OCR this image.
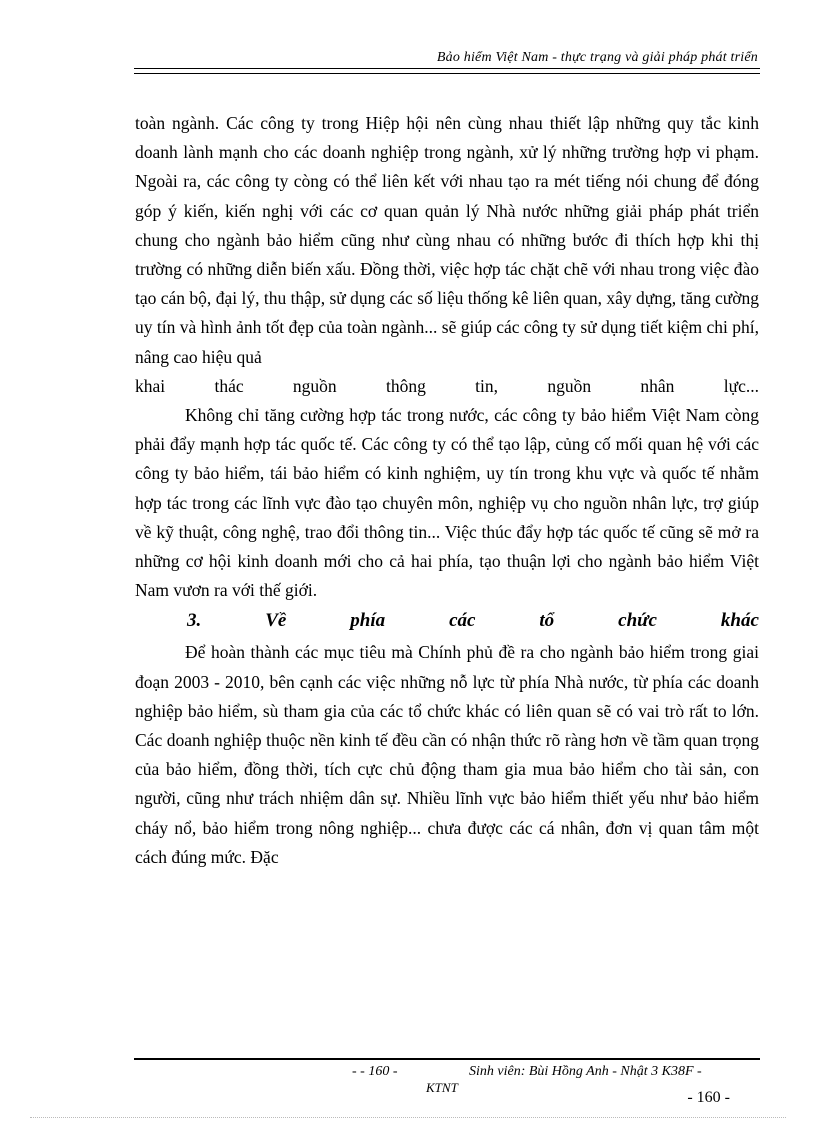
Bảo hiểm Việt Nam - thực trạng và giải pháp phát triển

toàn ngành. Các công ty trong Hiệp hội nên cùng nhau thiết lập những quy tắc kinh doanh lành mạnh cho các doanh nghiệp trong ngành, xử lý những trường hợp vi phạm. Ngoài ra, các công ty còng có thể liên kết với nhau tạo ra mét tiếng nói chung để đóng góp ý kiến, kiến nghị với các cơ quan quản lý Nhà nước những giải pháp phát triển chung cho ngành bảo hiểm cũng như cùng nhau có những bước đi thích hợp khi thị trường có những diễn biến xấu. Đồng thời, việc hợp tác chặt chẽ với nhau trong việc đào tạo cán bộ, đại lý, thu thập, sử dụng các số liệu thống kê liên quan, xây dựng, tăng cường uy tín và hình ảnh tốt đẹp của toàn ngành... sẽ giúp các công ty sử dụng tiết kiệm chi phí, nâng cao hiệu quả

khai	thác	nguồn	thông	tin,	nguồn	nhân	lực...

Không chỉ tăng cường hợp tác trong nước, các công ty bảo hiểm Việt Nam còng phải đẩy mạnh hợp tác quốc tế. Các công ty có thể tạo lập, củng cố mối quan hệ với các công ty bảo hiểm, tái bảo hiểm có kinh nghiệm, uy tín trong khu vực và quốc tế nhằm hợp tác trong các lĩnh vực đào tạo chuyên môn, nghiệp vụ cho nguồn nhân lực, trợ giúp về kỹ thuật, công nghệ, trao đổi thông tin... Việc thúc đẩy hợp tác quốc tế cũng sẽ mở ra những cơ hội kinh doanh mới cho cả hai phía, tạo thuận lợi cho ngành bảo hiểm Việt Nam vươn ra với thế giới.

3.	Về	phía	các	tổ	chức	khác

Để hoàn thành các mục tiêu mà Chính phủ đề ra cho ngành bảo hiểm trong giai đoạn 2003 - 2010, bên cạnh các việc những nỗ lực từ phía Nhà nước, từ phía các doanh nghiệp bảo hiểm, sù tham gia của các tổ chức khác có liên quan sẽ có vai trò rất to lớn. Các doanh nghiệp thuộc nền kinh tế đều cần có nhận thức rõ ràng hơn về tầm quan trọng của bảo hiểm, đồng thời, tích cực chủ động tham gia mua bảo hiểm cho tài sản, con người, cũng như trách nhiệm dân sự. Nhiều lĩnh vực bảo hiểm thiết yếu như bảo hiểm cháy nổ, bảo hiểm trong nông nghiệp... chưa được các cá nhân, đơn vị quan tâm một cách đúng mức. Đặc

- - 160 -	Sinh viên: Bùi Hồng Anh - Nhật 3 K38F -
KTNT
- 160 -
